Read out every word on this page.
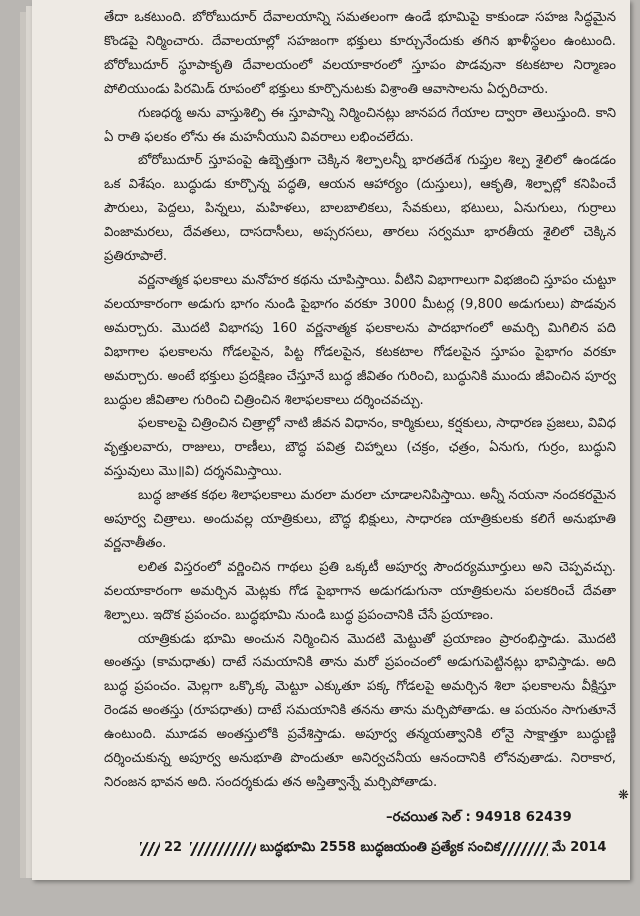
తేదా ఒకటుంది. బోరోబుదూర్ దేవాలయాన్ని సమతలంగా ఉండే భూమిపై కాకుండా సహజ సిద్ధమైన కొండపై నిర్మించారు. దేవాలయాల్లో సహజంగా భక్తులు కూర్చునేందుకు తగిన ఖాళీస్థలం ఉంటుంది. బోరోబుదూర్ స్థూపాకృతి దేవాలయంలో వలయాకారంలో స్తూపం పొడవునా కటకటాల నిర్మాణం పోలియుండు పిరమిడ్ రూపంలో భక్తులు కూర్చొనుటకు విశ్రాంతి ఆవాసాలను ఏర్పరిచారు.

గుణధర్మ అను వాస్తుశిల్పి ఈ స్తూపాన్ని నిర్మించినట్లు జానపద గేయాల ద్వారా తెలుస్తుంది. కాని ఏ రాతి ఫలకం లోను ఈ మహనీయుని వివరాలు లభించలేదు.

బోరోబుదూర్ స్తూపంపై ఉబ్బెత్తుగా చెక్కిన శిల్పాలన్నీ భారతదేశ గుప్తుల శిల్ప శైలిలో ఉండడం ఒక విశేషం. బుద్ధుడు కూర్చొన్న పద్ధతి, ఆయన ఆహార్యం (దుస్తులు), ఆకృతి, శిల్పాల్లో కనిపించే పౌరులు, పెద్దలు, పిన్నలు, మహిళలు, బాలబాలికలు, సేవకులు, భటులు, ఏనుగులు, గుర్రాలు వింజామరలు, దేవతలు, దాసదాసీలు, అప్సరసలు, తారలు సర్వమూ భారతీయ శైలిలో చెక్కిన ప్రతిరూపాలే.

వర్ణనాత్మక ఫలకాలు మనోహర కథను చూపిస్తాయి. వీటిని విభాగాలుగా విభజించి స్తూపం చుట్టూ వలయాకారంగా అడుగు భాగం నుండి పైభాగం వరకూ 3000 మీటర్ల (9,800 అడుగులు) పొడవున అమర్చారు. మొదటి విభాగపు 160 వర్ణనాత్మక ఫలకాలను పాదభాగంలో అమర్చి మిగిలిన పది విభాగాల ఫలకాలను గోడలపైన, పిట్ట గోడలపైన, కటకటాల గోడలపైన స్తూపం పైభాగం వరకూ అమర్చారు. అంటే భక్తులు ప్రదక్షిణం చేస్తూనే బుద్ధ జీవితం గురించి, బుద్ధునికి ముందు జీవించిన పూర్వ బుద్ధుల జీవితాల గురించి చిత్రించిన శిలాఫలకాలు దర్శించవచ్చు.

ఫలకాలపై చిత్రించిన చిత్రాల్లో నాటి జీవన విధానం, కార్మికులు, కర్షకులు, సాధారణ ప్రజలు, వివిధ వృత్తులవారు, రాజులు, రాణీలు, బౌద్ధ పవిత్ర చిహ్నాలు (చక్రం, ఛత్రం, ఏనుగు, గుర్రం, బుద్ధుని వస్తువులు మొ॥వి) దర్శనమిస్తాయి.

బుద్ధ జాతక కథల శిలాఫలకాలు మరలా మరలా చూడాలనిపిస్తాయి. అన్నీ నయనా నందకరమైన అపూర్వ చిత్రాలు. అందువల్ల యాత్రికులు, బౌద్ధ భిక్షులు, సాధారణ యాత్రికులకు కలిగే అనుభూతి వర్ణనాతీతం.

లలిత విస్తరంలో వర్ణించిన గాథలు ప్రతి ఒక్కటీ అపూర్వ సౌందర్యమూర్తులు అని చెప్పవచ్చు. వలయాకారంగా అమర్చిన మెట్లకు గోడ పైభాగాన అడుగడుగునా యాత్రికులను పలకరించే దేవతా శిల్పాలు. ఇదొక ప్రపంచం. బుద్ధభూమి నుండి బుద్ధ ప్రపంచానికి చేసే ప్రయాణం.

యాత్రికుడు భూమి అంచున నిర్మించిన మొదటి మెట్టుతో ప్రయాణం ప్రారంభిస్తాడు. మొదటి అంతస్తు (కామధాతు) దాటే సమయానికి తాను మరో ప్రపంచంలో అడుగుపెట్టినట్లు భావిస్తాడు. అది బుద్ధ ప్రపంచం. మెల్లగా ఒక్కొక్క మెట్టూ ఎక్కుతూ పక్క గోడలపై అమర్చిన శిలా ఫలకాలను వీక్షిస్తూ రెండవ అంతస్తు (రూపధాతు) దాటే సమయానికి తనను తాను మర్చిపోతాడు. ఆ పయనం సాగుతూనే ఉంటుంది. మూడవ అంతస్తులోకి ప్రవేశిస్తాడు. అపూర్వ తన్మయత్వానికి లోనై సాక్షాత్తూ బుద్ధుణ్ణి దర్శించుకున్న అపూర్వ అనుభూతి పొందుతూ అనిర్వచనీయ ఆనందానికి లోనవుతాడు. నిరాకార, నిరంజన భావన అది. సందర్శకుడు తన అస్తిత్వాన్నే మర్చిపోతాడు.

❋
–రచయిత సెల్ : 94918 62439
22	బుద్ధభూమి 2558 బుద్ధజయంతి ప్రత్యేక సంచిక	మే 2014
